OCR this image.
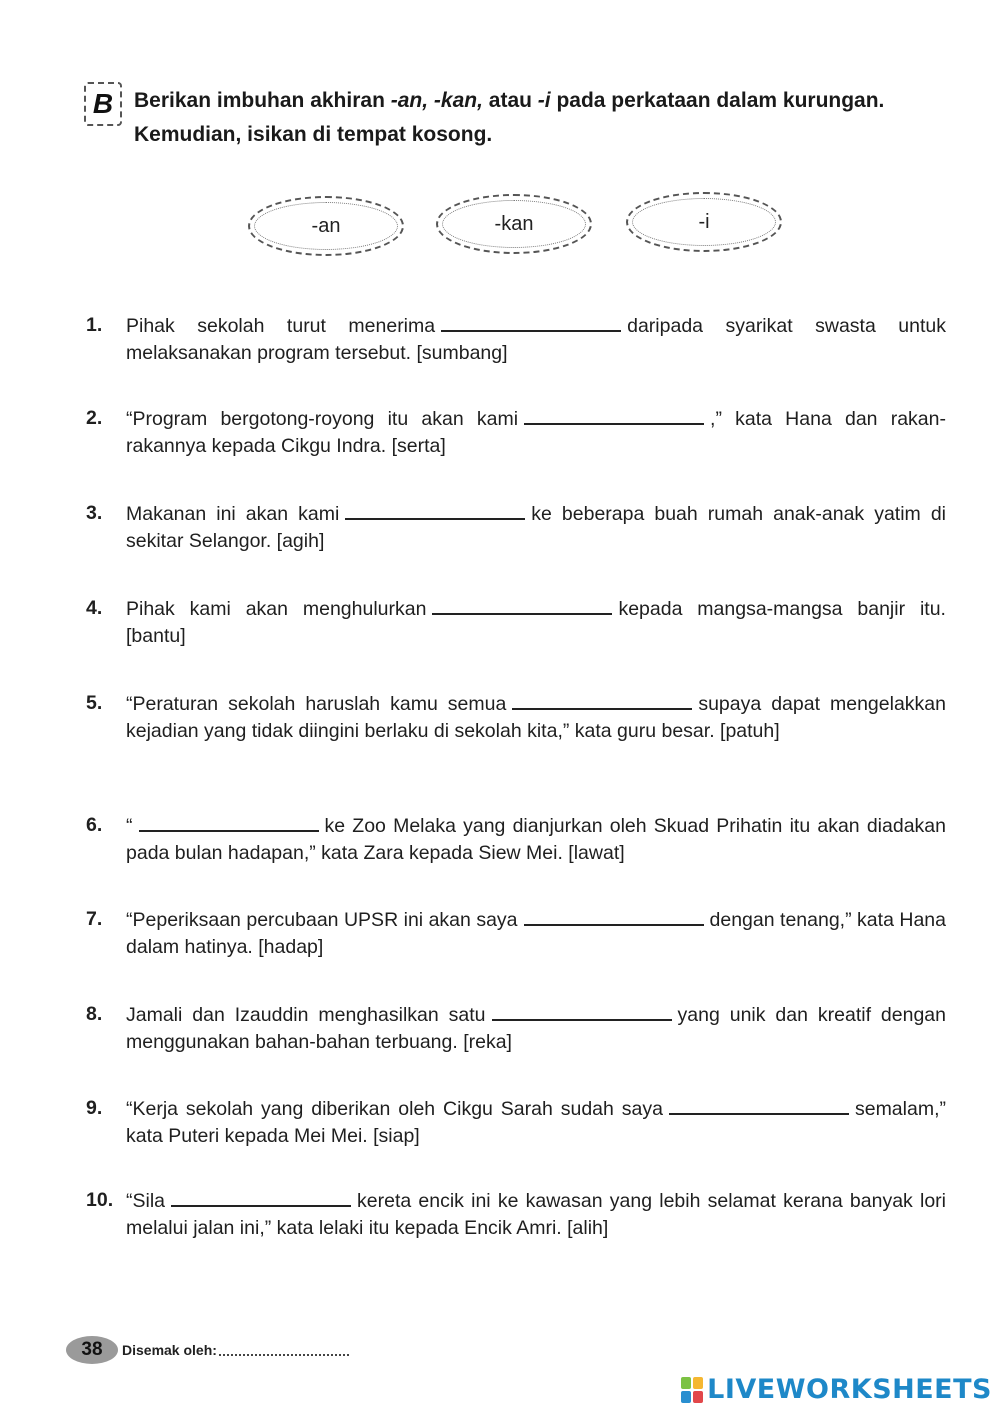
B Berikan imbuhan akhiran -an, -kan, atau -i pada perkataan dalam kurungan. Kemudian, isikan di tempat kosong.
-an	-kan	-i
1.	Pihak sekolah turut menerima	daripada syarikat swasta untuk melaksanakan program tersebut. [sumbang]
2.	“Program bergotong-royong itu akan kami	,” kata Hana dan rakan-rakannya kepada Cikgu Indra. [serta]
3.	Makanan ini akan kami	ke beberapa buah rumah anak-anak yatim di sekitar Selangor. [agih]
4.	Pihak kami akan menghulurkan	kepada mangsa-mangsa banjir itu. [bantu]
5.	“Peraturan sekolah haruslah kamu semua	supaya dapat mengelakkan kejadian yang tidak diingini berlaku di sekolah kita,” kata guru besar. [patuh]
6.	“	ke Zoo Melaka yang dianjurkan oleh Skuad Prihatin itu akan diadakan pada bulan hadapan,” kata Zara kepada Siew Mei. [lawat]
7.	“Peperiksaan percubaan UPSR ini akan saya	dengan tenang,” kata Hana dalam hatinya. [hadap]
8.	Jamali dan Izauddin menghasilkan satu	yang unik dan kreatif dengan menggunakan bahan-bahan terbuang. [reka]
9.	“Kerja sekolah yang diberikan oleh Cikgu Sarah sudah saya	semalam,” kata Puteri kepada Mei Mei. [siap]
10. “Sila	kereta encik ini ke kawasan yang lebih selamat kerana banyak lori melalui jalan ini,” kata lelaki itu kepada Encik Amri. [alih]
38	Disemak oleh:
LIVEWORKSHEETS
